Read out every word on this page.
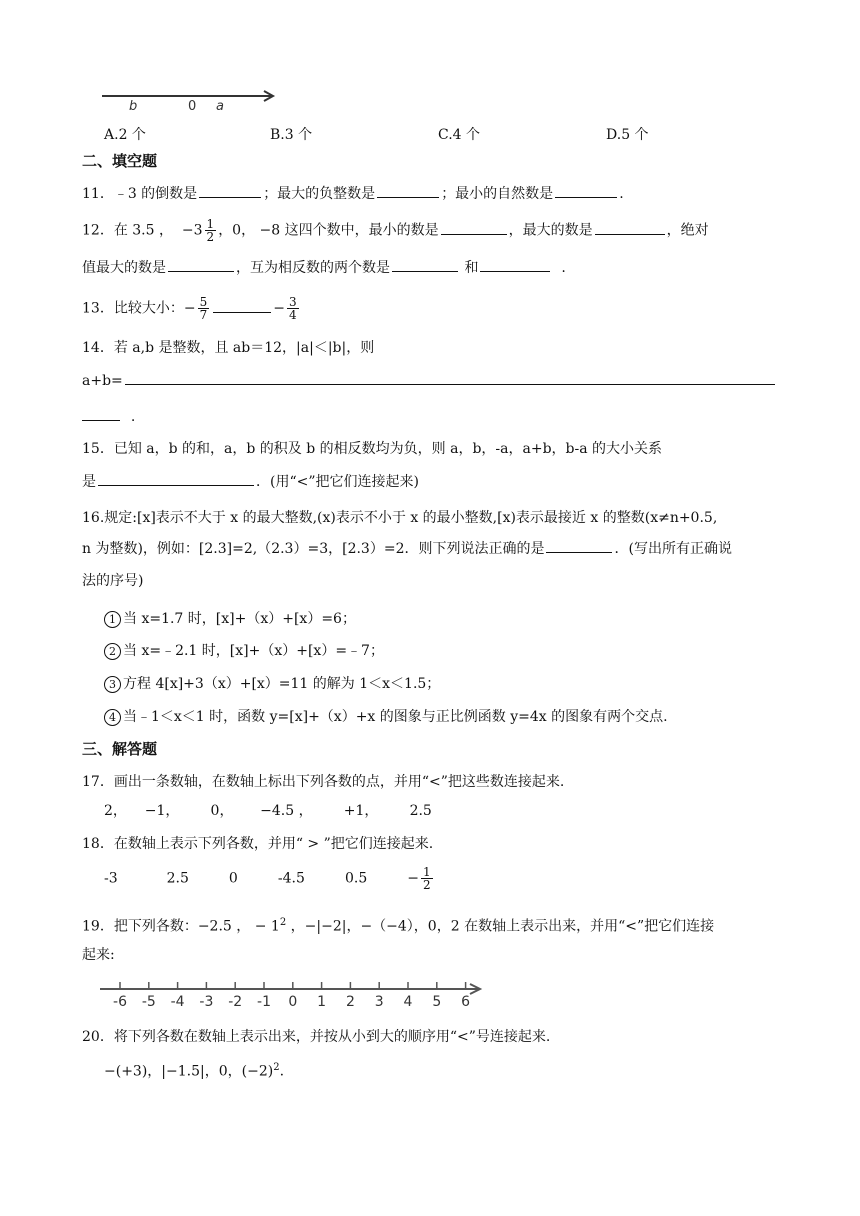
b	0 a
A.2 个	B.3 个	C.4 个	D.5 个
二、填空题
11．﹣3 的倒数是	；最大的负整数是	；最小的自然数是	.
12．在 3.5 ， $-3 \frac{1}{2}$ ，0， −8 这四个数中，最小的数是	，最大的数是	，绝对
值最大的数是	，互为相反数的两个数是	和	.
13．比较大小：− $\frac{5}{7}$	− $\frac{3}{4}$
14．若 a,b 是整数，且 ab＝12，|a|＜|b|，则
a+b=
.
15．已知 a，b 的和，a，b 的积及 b 的相反数均为负，则 a，b，-a，a+b，b-a 的大小关系
是	．(用“<”把它们连接起来)
16.规定:[x]表示不大于 x 的最大整数,(x)表示不小于 x 的最小整数,[x)表示最接近 x 的整数(x≠n+0.5,
n 为整数)，例如：[2.3]=2,（2.3）=3，[2.3）=2．则下列说法正确的是	．(写出所有正确说
法的序号)
1 当 x=1.7 时，[x]+（x）+[x）=6；
2 当 x=﹣2.1 时，[x]+（x）+[x）=﹣7；
3 方程 4[x]+3（x）+[x）=11 的解为 1＜x＜1.5；
4 当﹣1＜x＜1 时，函数 y=[x]+（x）+x 的图象与正比例函数 y=4x 的图象有两个交点.
三、解答题
17．画出一条数轴，在数轴上标出下列各数的点，并用“<”把这些数连接起来.
2， −1， 0， −4.5 ， +1， 2.5
18．在数轴上表示下列各数，并用“ > ”把它们连接起来.
-3	2.5	0	-4.5	0.5	− $\frac{1}{2}$
19．把下列各数：−2.5 ， − $1^2$ ，−|−2|，−（−4），0，2 在数轴上表示出来，并用“<”把它们连接
起来:
-6 -5 -4 -3 -2 -1 0 1 2 3 4 5 6
20．将下列各数在数轴上表示出来，并按从小到大的顺序用“<”号连接起来.
−(+3)，|−1.5|，0，$(-2)^2$.
